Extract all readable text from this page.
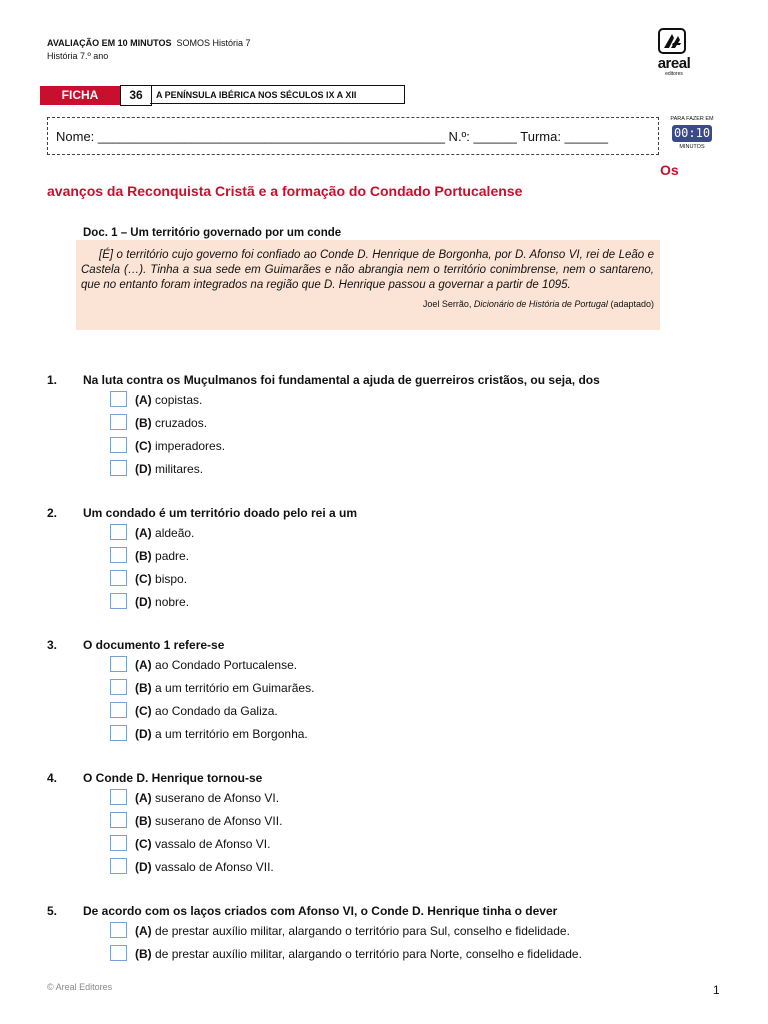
AVALIAÇÃO EM 10 MINUTOS SOMOS História 7
História 7.º ano	areal
editores
FICHA	36	A PENÍNSULA IBÉRICA NOS SÉCULOS IX A XII
Nome: ________________________________________________ N.º: ______ Turma: ______
PARA FAZER EM
00:10
MINUTOS
Os
avanços da Reconquista Cristã e a formação do Condado Portucalense
Doc. 1 – Um território governado por um conde
[É] o território cujo governo foi confiado ao Conde D. Henrique de Borgonha, por D. Afonso VI, rei de Leão e Castela (…). Tinha a sua sede em Guimarães e não abrangia nem o território conimbrense, nem o santareno, que no entanto foram integrados na região que D. Henrique passou a governar a partir de 1095.
Joel Serrão, Dicionário de História de Portugal (adaptado)
1. Na luta contra os Muçulmanos foi fundamental a ajuda de guerreiros cristãos, ou seja, dos
(A) copistas.
(B) cruzados.
(C) imperadores.
(D) militares.
2. Um condado é um território doado pelo rei a um
(A) aldeão.
(B) padre.
(C) bispo.
(D) nobre.
3. O documento 1 refere-se
(A) ao Condado Portucalense.
(B) a um território em Guimarães.
(C) ao Condado da Galiza.
(D) a um território em Borgonha.
4. O Conde D. Henrique tornou-se
(A) suserano de Afonso VI.
(B) suserano de Afonso VII.
(C) vassalo de Afonso VI.
(D) vassalo de Afonso VII.
5. De acordo com os laços criados com Afonso VI, o Conde D. Henrique tinha o dever
(A) de prestar auxílio militar, alargando o território para Sul, conselho e fidelidade.
(B) de prestar auxílio militar, alargando o território para Norte, conselho e fidelidade.
© Areal Editores	1
